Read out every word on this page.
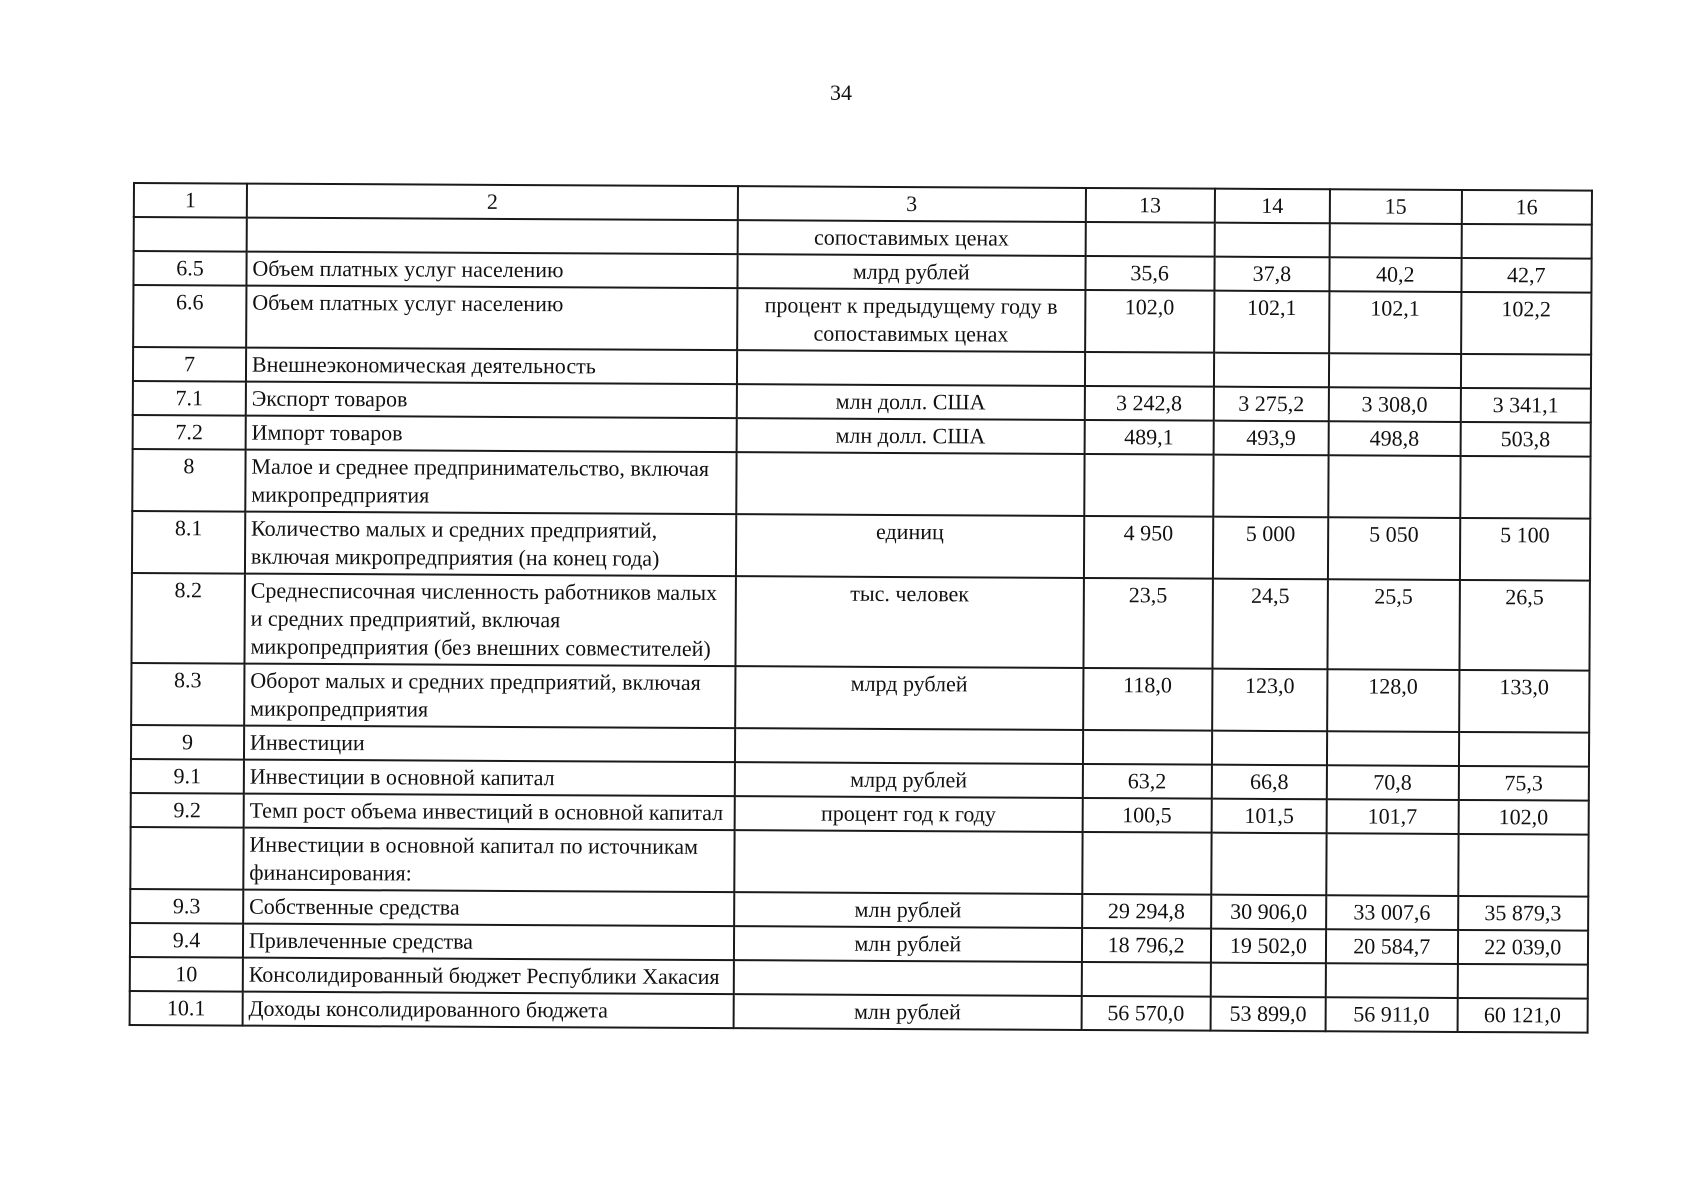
34
1	2	3	13	14	15	16
		сопоставимых ценах				
6.5	Объем платных услуг населению	млрд рублей	35,6	37,8	40,2	42,7
6.6	Объем платных услуг населению	процент к предыдущему году в сопоставимых ценах	102,0	102,1	102,1	102,2
7	Внешнеэкономическая деятельность					
7.1	Экспорт товаров	млн долл. США	3 242,8	3 275,2	3 308,0	3 341,1
7.2	Импорт товаров	млн долл. США	489,1	493,9	498,8	503,8
8	Малое и среднее предпринимательство, включая микропредприятия					
8.1	Количество малых и средних предприятий, включая микропредприятия (на конец года)	единиц	4 950	5 000	5 050	5 100
8.2	Среднесписочная численность работников малых и средних предприятий, включая микропредприятия (без внешних совместителей)	тыс. человек	23,5	24,5	25,5	26,5
8.3	Оборот малых и средних предприятий, включая микропредприятия	млрд рублей	118,0	123,0	128,0	133,0
9	Инвестиции					
9.1	Инвестиции в основной капитал	млрд рублей	63,2	66,8	70,8	75,3
9.2	Темп рост объема инвестиций в основной капитал	процент год к году	100,5	101,5	101,7	102,0
	Инвестиции в основной капитал по источникам финансирования:					
9.3	Собственные средства	млн рублей	29 294,8	30 906,0	33 007,6	35 879,3
9.4	Привлеченные средства	млн рублей	18 796,2	19 502,0	20 584,7	22 039,0
10	Консолидированный бюджет Республики Хакасия					
10.1	Доходы консолидированного бюджета	млн рублей	56 570,0	53 899,0	56 911,0	60 121,0
